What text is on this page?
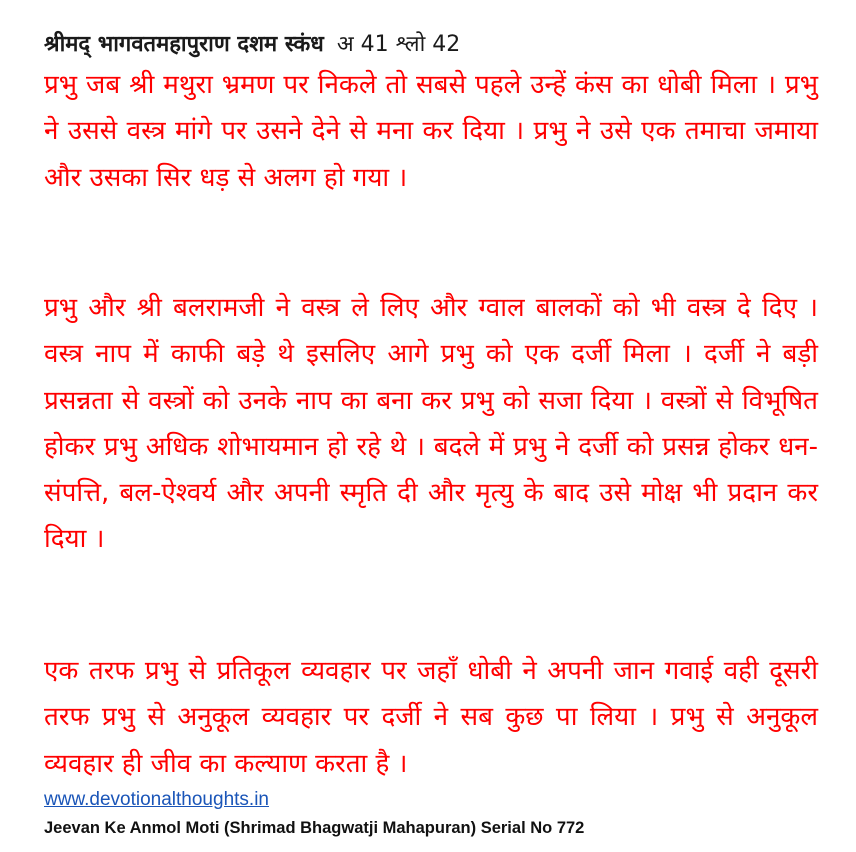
श्रीमद् भागवतमहापुराण दशम स्कंध अ 41 श्लो 42

प्रभु जब श्री मथुरा भ्रमण पर निकले तो सबसे पहले उन्हें कंस का धोबी मिला । प्रभु ने उससे वस्त्र मांगे पर उसने देने से मना कर दिया । प्रभु ने उसे एक तमाचा जमाया और उसका सिर धड़ से अलग हो गया ।

प्रभु और श्री बलरामजी ने वस्त्र ले लिए और ग्वाल बालकों को भी वस्त्र दे दिए । वस्त्र नाप में काफी बड़े थे इसलिए आगे प्रभु को एक दर्जी मिला । दर्जी ने बड़ी प्रसन्नता से वस्त्रों को उनके नाप का बना कर प्रभु को सजा दिया । वस्त्रों से विभूषित होकर प्रभु अधिक शोभायमान हो रहे थे । बदले में प्रभु ने दर्जी को प्रसन्न होकर धन-संपत्ति, बल-ऐश्वर्य और अपनी स्मृति दी और मृत्यु के बाद उसे मोक्ष भी प्रदान कर दिया ।

एक तरफ प्रभु से प्रतिकूल व्यवहार पर जहाँ धोबी ने अपनी जान गवाई वही दूसरी तरफ प्रभु से अनुकूल व्यवहार पर दर्जी ने सब कुछ पा लिया । प्रभु से अनुकूल व्यवहार ही जीव का कल्याण करता है ।

www.devotionalthoughts.in
Jeevan Ke Anmol Moti (Shrimad Bhagwatji Mahapuran) Serial No 772
